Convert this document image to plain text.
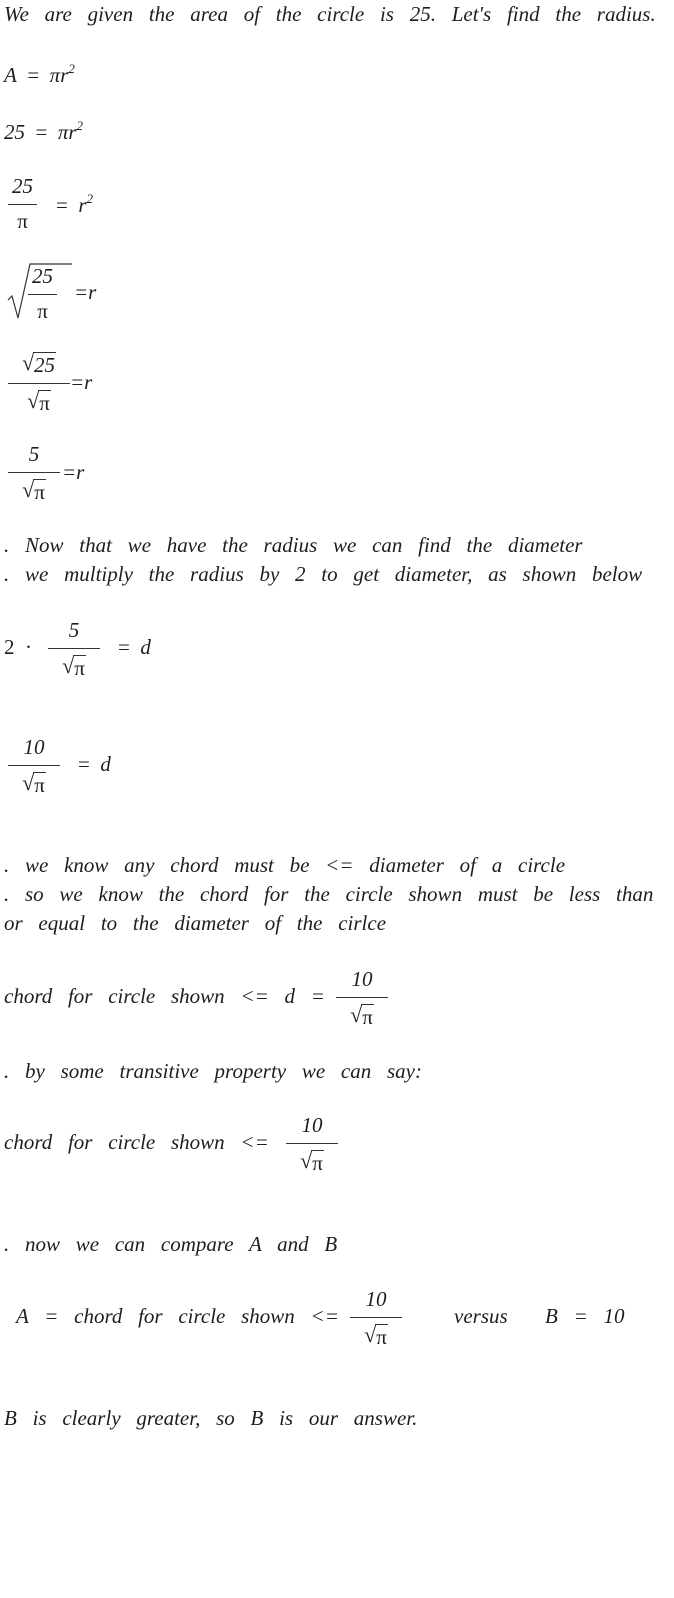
We are given the area of the circle is 25. Let's find the radius.
$A = \pi r^2$
$25 = \pi r^2$
25
π
= $r^2$
25
π
=r
√ 25
√ π
=r
5
√ π
=r
. Now that we have the radius we can find the diameter
. we multiply the radius by 2 to get diameter, as shown below
2 ·
5
√ π
= d
10
√ π
= d
. we know any chord must be <= diameter of a circle
. so we know the chord for the circle shown must be less than
or equal to the diameter of the cirlce
chord for circle shown <= d =
10
√ π
. by some transitive property we can say:
chord for circle shown <=
10
√ π
. now we can compare A and B
A = chord for circle shown <=
10
√ π
versus B = 10
B is clearly greater, so B is our answer.
